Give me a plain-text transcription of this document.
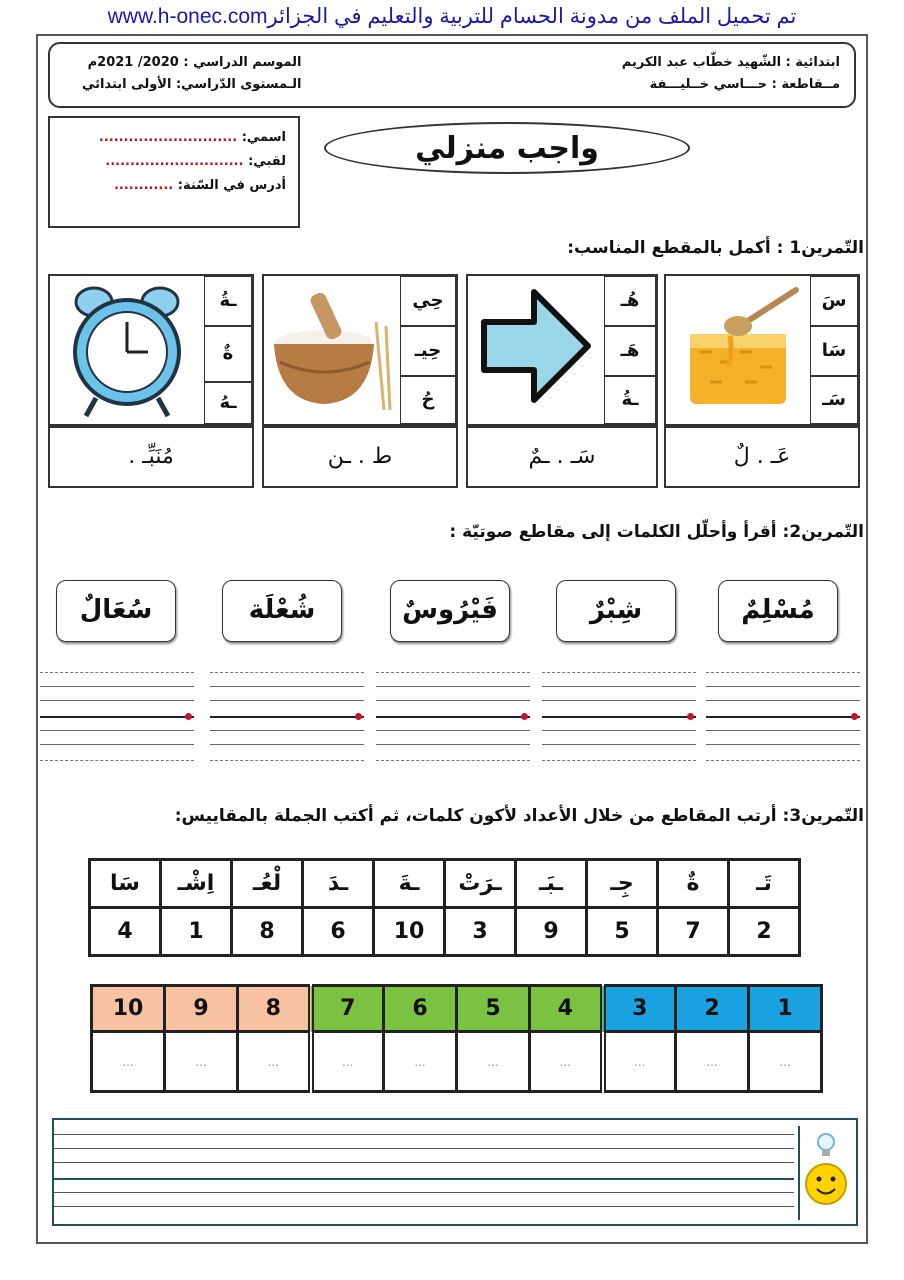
تم تحميل الملف من مدونة الحسام للتربية والتعليم في الجزائرwww.h-onec.com
ابتدائية : الشّهيد خطّاب عبد الكريم
مــقاطعة : حـــاسي خــليـــفة
الموسم الدراسي : 2020/ 2021م
الـمستوى الدّراسي: الأولى ابتدائي
اسمي: ............................
لقبي: ............................
أدرس في السّنة: ............
واجب منزلي
التّمرين1 : أكمل بالمقطع المناسب:
سَ
سَا
سَـ
عَـ . لٌ
هُـ
هَـ
ـةُ
سَـ . ـمٌ
حِي
حِيـ
حُ
ط . ـن
ـةُ
ةٌ
ـهُ
مُنَبِّـ .
التّمرين2: أقرأ وأحلّل الكلمات إلى مقاطع صوتيّة :
مُسْلِمٌ
شِبْرٌ
فَيْرُوسٌ
شُعْلَة
سُعَالٌ
التّمرين3: أرتب المقاطع من خلال الأعداد لأكون كلمات، ثم أكتب الجملة بالمقاييس:
تَـ	ةٌ	جِـ	ـبَـ	ـرَتْ	ـةَ	ـدَ	لْعُـ	اِشْـ	سَا
2	7	5	9	3	10	6	8	1	4
1	2	3	4	5	6	7	8	9	10
...	...	...	...	...	...	...	...	...	...
